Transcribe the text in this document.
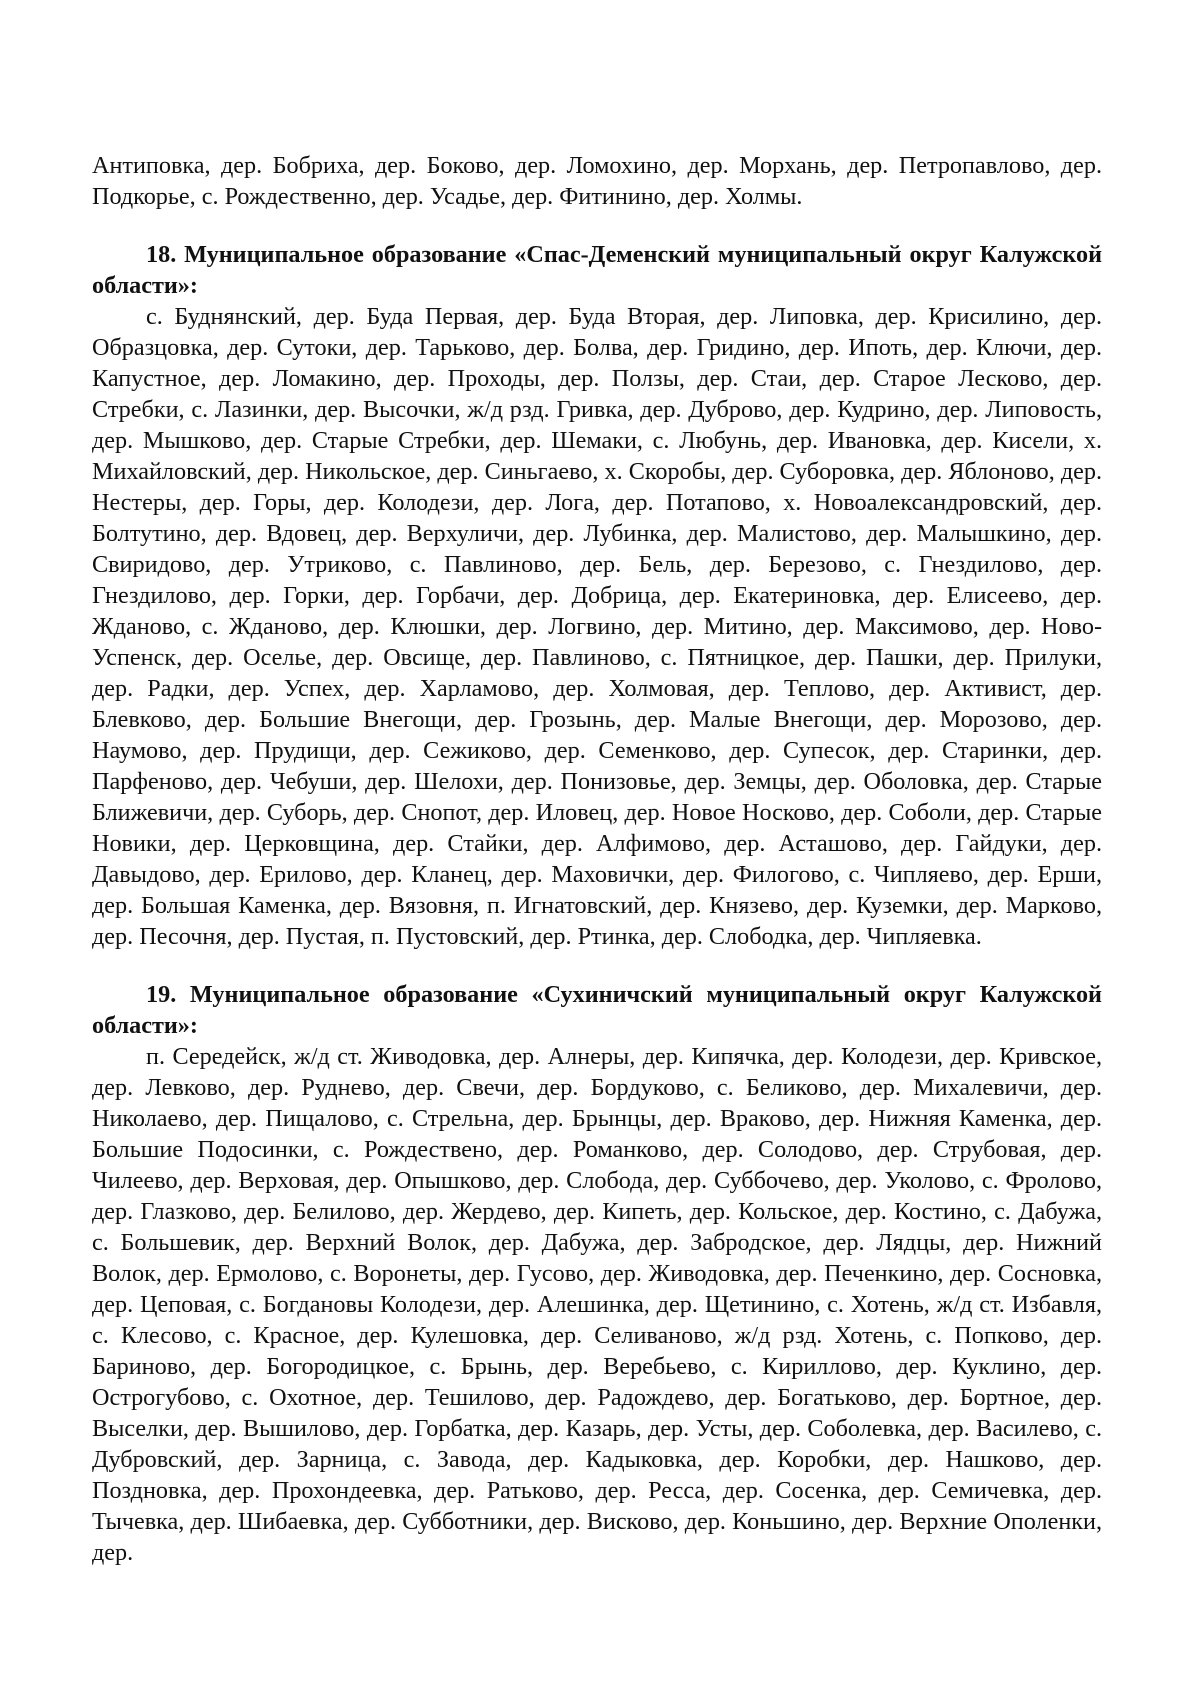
Антиповка, дер. Бобриха, дер. Боково, дер. Ломохино, дер. Морхань, дер. Петропавлово, дер. Подкорье, с. Рождественно, дер. Усадье, дер. Фитинино, дер. Холмы.

18. Муниципальное образование «Спас-Деменский муниципальный округ Калужской области»:

с. Буднянский, дер. Буда Первая, дер. Буда Вторая, дер. Липовка, дер. Крисилино, дер. Образцовка, дер. Сутоки, дер. Тарьково, дер. Болва, дер. Гридино, дер. Ипоть, дер. Ключи, дер. Капустное, дер. Ломакино, дер. Проходы, дер. Ползы, дер. Стаи, дер. Старое Лесково, дер. Стребки, с. Лазинки, дер. Высочки, ж/д рзд. Гривка, дер. Дуброво, дер. Кудрино, дер. Липовость, дер. Мышково, дер. Старые Стребки, дер. Шемаки, с. Любунь, дер. Ивановка, дер. Кисели, х. Михайловский, дер. Никольское, дер. Синьгаево, х. Скоробы, дер. Суборовка, дер. Яблоново, дер. Нестеры, дер. Горы, дер. Колодези, дер. Лога, дер. Потапово, х. Новоалександровский, дер. Болтутино, дер. Вдовец, дер. Верхуличи, дер. Лубинка, дер. Малистово, дер. Малышкино, дер. Свиридово, дер. Утриково, с. Павлиново, дер. Бель, дер. Березово, с. Гнездилово, дер. Гнездилово, дер. Горки, дер. Горбачи, дер. Добрица, дер. Екатериновка, дер. Елисеево, дер. Жданово, с. Жданово, дер. Клюшки, дер. Логвино, дер. Митино, дер. Максимово, дер. Ново-Успенск, дер. Оселье, дер. Овсище, дер. Павлиново, с. Пятницкое, дер. Пашки, дер. Прилуки, дер. Радки, дер. Успех, дер. Харламово, дер. Холмовая, дер. Теплово, дер. Активист, дер. Блевково, дер. Большие Внегощи, дер. Грозынь, дер. Малые Внегощи, дер. Морозово, дер. Наумово, дер. Прудищи, дер. Сежиково, дер. Семенково, дер. Супесок, дер. Старинки, дер. Парфеново, дер. Чебуши, дер. Шелохи, дер. Понизовье, дер. Земцы, дер. Оболовка, дер. Старые Ближевичи, дер. Суборь, дер. Снопот, дер. Иловец, дер. Новое Носково, дер. Соболи, дер. Старые Новики, дер. Церковщина, дер. Стайки, дер. Алфимово, дер. Асташово, дер. Гайдуки, дер. Давыдово, дер. Ерилово, дер. Кланец, дер. Маховички, дер. Филогово, с. Чипляево, дер. Ерши, дер. Большая Каменка, дер. Вязовня, п. Игнатовский, дер. Князево, дер. Куземки, дер. Марково, дер. Песочня, дер. Пустая, п. Пустовский, дер. Ртинка, дер. Слободка, дер. Чипляевка.

19. Муниципальное образование «Сухиничский муниципальный округ Калужской области»:

п. Середейск, ж/д ст. Живодовка, дер. Алнеры, дер. Кипячка, дер. Колодези, дер. Кривское, дер. Левково, дер. Руднево, дер. Свечи, дер. Бордуково, с. Беликово, дер. Михалевичи, дер. Николаево, дер. Пищалово, с. Стрельна, дер. Брынцы, дер. Враково, дер. Нижняя Каменка, дер. Большие Подосинки, с. Рождествено, дер. Романково, дер. Солодово, дер. Струбовая, дер. Чилеево, дер. Верховая, дер. Опышково, дер. Слобода, дер. Суббочево, дер. Уколово, с. Фролово, дер. Глазково, дер. Белилово, дер. Жердево, дер. Кипеть, дер. Кольское, дер. Костино, с. Дабужа, с. Большевик, дер. Верхний Волок, дер. Дабужа, дер. Забродское, дер. Лядцы, дер. Нижний Волок, дер. Ермолово, с. Воронеты, дер. Гусово, дер. Живодовка, дер. Печенкино, дер. Сосновка, дер. Цеповая, с. Богдановы Колодези, дер. Алешинка, дер. Щетинино, с. Хотень, ж/д ст. Избавля, с. Клесово, с. Красное, дер. Кулешовка, дер. Селиваново, ж/д рзд. Хотень, с. Попково, дер. Бариново, дер. Богородицкое, с. Брынь, дер. Веребьево, с. Кириллово, дер. Куклино, дер. Острогубово, с. Охотное, дер. Тешилово, дер. Радождево, дер. Богатьково, дер. Бортное, дер. Выселки, дер. Вышилово, дер. Горбатка, дер. Казарь, дер. Усты, дер. Соболевка, дер. Василево, с. Дубровский, дер. Зарница, с. Завода, дер. Кадыковка, дер. Коробки, дер. Нашково, дер. Поздновка, дер. Прохондеевка, дер. Ратьково, дер. Ресса, дер. Сосенка, дер. Семичевка, дер. Тычевка, дер. Шибаевка, дер. Субботники, дер. Висково, дер. Коньшино, дер. Верхние Ополенки, дер.
